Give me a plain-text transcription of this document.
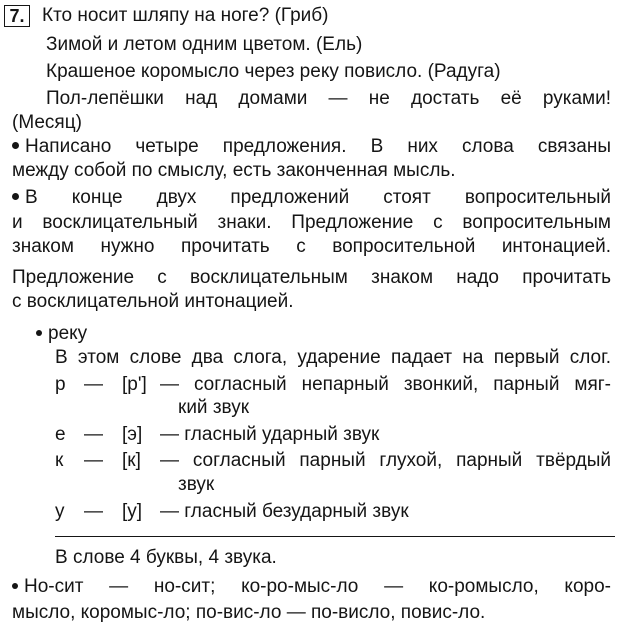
7. Кто носит шляпу на ноге? (Гриб)
Зимой и летом одним цветом. (Ель)
Крашеное коромысло через реку повисло. (Радуга)
Пол-лепёшки над домами — не достать её руками!
(Месяц)
Написано четыре предложения. В них слова связаны
между собой по смыслу, есть законченная мысль.
В конце двух предложений стоят вопросительный
и восклицательный знаки. Предложение с вопросительным
знаком нужно прочитать с вопросительной интонацией.
Предложение с восклицательным знаком надо прочитать
с восклицательной интонацией.
реку
В этом слове два слога, ударение падает на первый слог.
р — [р'] — согласный непарный звонкий, парный мяг-
кий звук
е — [э] — гласный ударный звук
к — [к] — согласный парный глухой, парный твёрдый
звук
у — [у] — гласный безударный звук
В слове 4 буквы, 4 звука.
Но-сит — но-сит; ко-ро-мыс-ло — ко-ромысло, коро-
мысло, коромыс-ло; по-вис-ло — по-висло, повис-ло.
